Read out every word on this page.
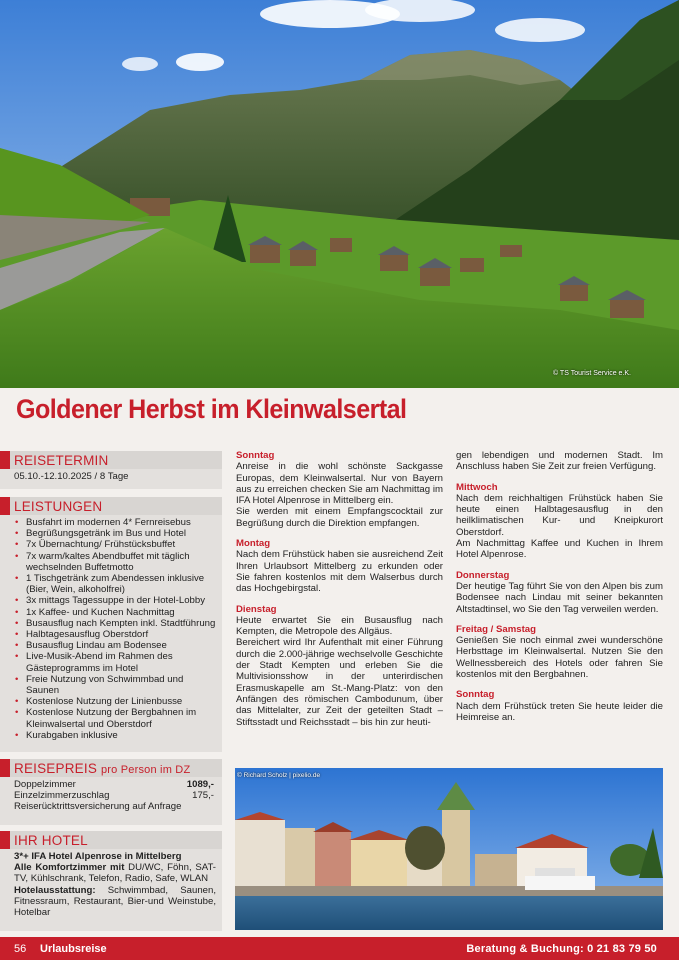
© TS Tourist Service e.K.
Goldener Herbst im Kleinwalsertal
REISETERMIN
05.10.-12.10.2025 / 8 Tage
LEISTUNGEN
• Busfahrt im modernen 4* Fernreisebus
• Begrüßungsgetränk im Bus und Hotel
• 7x Übernachtung/ Frühstücksbuffet
• 7x warm/kaltes Abendbuffet mit täglich wechselnden Buffetmotto
• 1 Tischgetränk zum Abendessen inklusive (Bier, Wein, alkoholfrei)
• 3x mittags Tagessuppe in der Hotel-Lobby
• 1x Kaffee- und Kuchen Nachmittag
• Busausflug nach Kempten inkl. Stadtführung
• Halbtagesausflug Oberstdorf
• Busausflug Lindau am Bodensee
• Live-Musik-Abend im Rahmen des Gästeprogramms im Hotel
• Freie Nutzung von Schwimmbad und Saunen
• Kostenlose Nutzung der Linienbusse
• Kostenlose Nutzung der Bergbahnen im Kleinwalsertal und Oberstdorf
• Kurabgaben inklusive
REISEPREIS pro Person im DZ
Doppelzimmer	1089,-
Einzelzimmerzuschlag	175,-
Reiserücktrittsversicherung auf Anfrage
IHR HOTEL
3*+ IFA Hotel Alpenrose in Mittelberg
Alle Komfortzimmer mit DU/WC, Föhn, SAT-TV, Kühlschrank, Telefon, Radio, Safe, WLAN
Hotelausstattung: Schwimmbad, Saunen, Fitnessraum, Restaurant, Bier-und Weinstube, Hotelbar
Sonntag

Anreise in die wohl schönste Sackgasse Europas, dem Kleinwalsertal. Nur von Bayern aus zu erreichen checken Sie am Nachmittag im IFA Hotel Alpenrose in Mittelberg ein.

Sie werden mit einem Empfangscocktail zur Begrüßung durch die Direktion empfangen.

Montag

Nach dem Frühstück haben sie ausreichend Zeit Ihren Urlaubsort Mittelberg zu erkunden oder Sie fahren kostenlos mit dem Walserbus durch das Hochgebirgstal.

Dienstag

Heute erwartet Sie ein Busausflug nach Kempten, die Metropole des Allgäus.

Bereichert wird Ihr Aufenthalt mit einer Führung durch die 2.000-jährige wechselvolle Geschichte der Stadt Kempten und erleben Sie die Multivisionsshow in der unterirdischen Erasmuskapelle am St.-Mang-Platz: von den Anfängen des römischen Cambodunum, über das Mittelalter, zur Zeit der geteilten Stadt – Stiftsstadt und Reichsstadt – bis hin zur heuti-

gen lebendigen und modernen Stadt. Im Anschluss haben Sie Zeit zur freien Verfügung.

Mittwoch

Nach dem reichhaltigen Frühstück haben Sie heute einen Halbtagesausflug in den heilklimatischen Kur- und Kneipkurort Oberstdorf.

Am Nachmittag Kaffee und Kuchen in Ihrem Hotel Alpenrose.

Donnerstag

Der heutige Tag führt Sie von den Alpen bis zum Bodensee nach Lindau mit seiner bekannten Altstadtinsel, wo Sie den Tag verweilen werden.

Freitag / Samstag

Genießen Sie noch einmal zwei wunderschöne Herbsttage im Kleinwalsertal. Nutzen Sie den Wellnessbereich des Hotels oder fahren Sie kostenlos mit den Bergbahnen.

Sonntag

Nach dem Frühstück treten Sie heute leider die Heimreise an.

© Richard Scholz | pixelio.de
56	Urlaubsreise	Beratung & Buchung: 0 21 83 79 50
